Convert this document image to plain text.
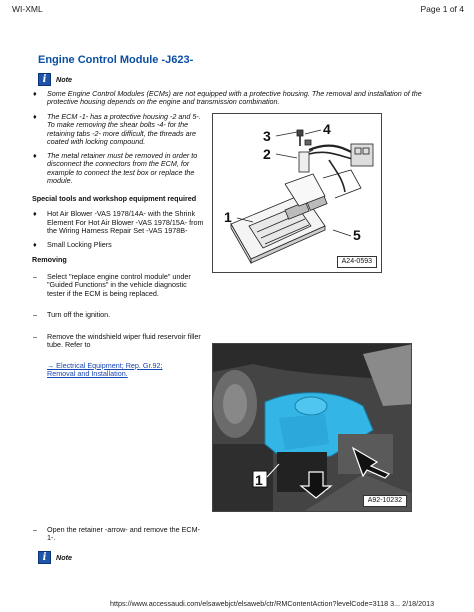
WI-XML	Page 1 of 4
Engine Control Module -J623-
i	Note
♦ Some Engine Control Modules (ECMs) are not equipped with a protective housing. The removal and installation of the protective housing depends on the engine and transmission combination.
♦ The ECM -1- has a protective housing -2 and 5-. To make removing the shear bolts -4- for the retaining tabs -2- more difficult, the threads are coated with locking compound.
♦ The metal retainer must be removed in order to disconnect the connectors from the ECM, for example to connect the test box or replace the module.
Special tools and workshop equipment required
♦ Hot Air Blower -VAS 1978/14A- with the Shrink Element For Hot Air Blower -VAS 1978/15A- from the Wiring Harness Repair Set -VAS 1978B-
♦ Small Locking Pliers
Removing
– Select "replace engine control module" under "Guided Functions" in the vehicle diagnostic tester if the ECM is being replaced.
– Turn off the ignition.
– Remove the windshield wiper fluid reservoir filler tube. Refer to
→ Electrical Equipment; Rep. Gr.92; Removal and Installation.
3
2
4
1
5
A24-0593
1
A92-10232
– Open the retainer -arrow- and remove the ECM-1-.
i	Note
https://www.accessaudi.com/elsawebjct/elsaweb/ctr/RMContentAction?levelCode=3118 3... 2/18/2013
